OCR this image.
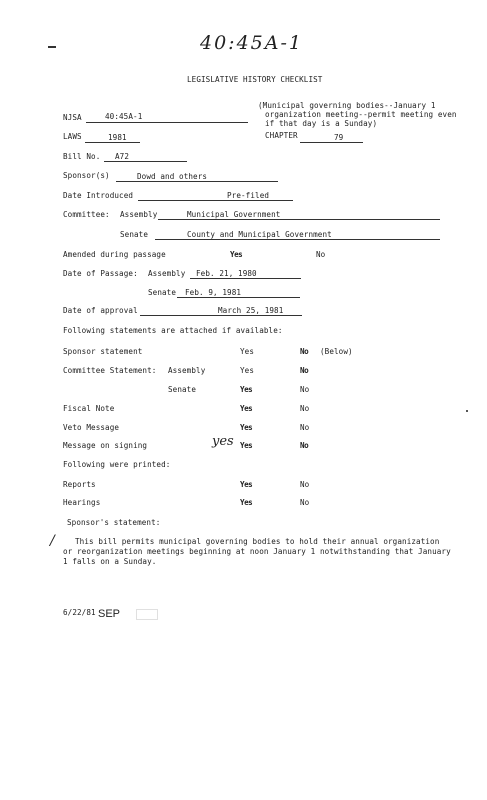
40:45A-1
LEGISLATIVE HISTORY CHECKLIST
NJSA	40:45A-1
(Municipal governing bodies--January 1
organization meeting--permit meeting even
if that day is a Sunday)
LAWS	1981	CHAPTER	79
Bill No. A72
Sponsor(s)	Dowd and others
Date Introduced	Pre-filed
Committee: Assembly	Municipal Government
Senate	County and Municipal Government
Amended during passage	Yes	No
Date of Passage: Assembly Feb. 21, 1980
Senate Feb. 9, 1981
Date of approval	March 25, 1981
Following statements are attached if available:
Sponsor statement	Yes	No (Below)
Committee Statement: Assembly	Yes	No
Senate	Yes	No
Fiscal Note	Yes	No
Veto Message	Yes	No
Message on signing	yes Yes	No
Following were printed:
Reports	Yes	No
Hearings	Yes	No
Sponsor's statement:
This bill permits municipal governing bodies to hold their annual organization
or reorganization meetings beginning at noon January 1 notwithstanding that January
1 falls on a Sunday.
/
6/22/81 SEP
